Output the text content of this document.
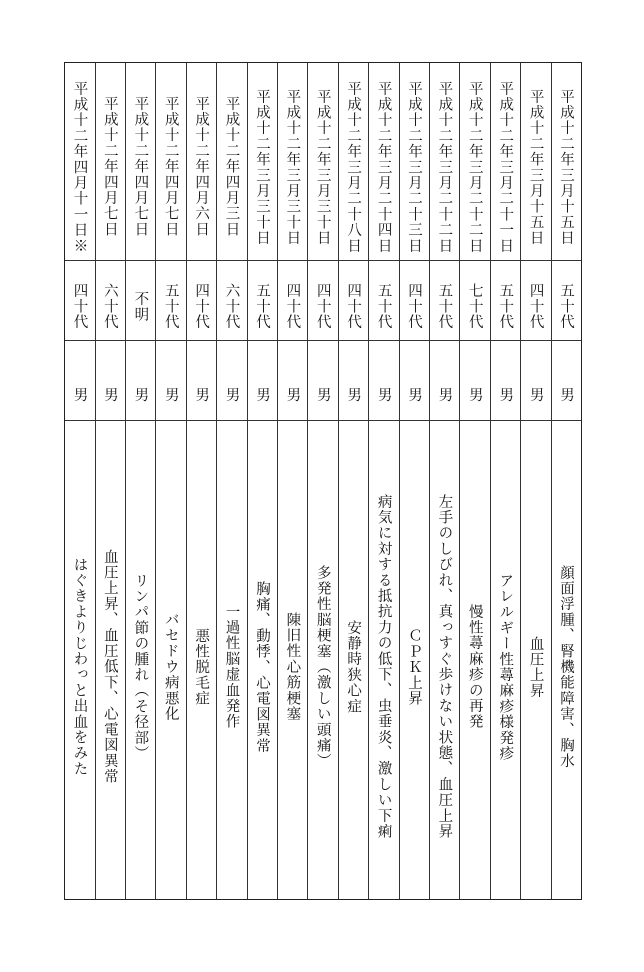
平成十二年三月十五日
五十代
男
顔面浮腫、腎機能障害、胸水
平成十二年三月十五日
四十代
男
血圧上昇
平成十二年三月二十一日
五十代
男
アレルギー性蕁麻疹様発疹
平成十二年三月二十二日
七十代
男
慢性蕁麻疹の再発
平成十二年三月二十二日
五十代
男
左手のしびれ、真っすぐ歩けない状態、血圧上昇
平成十二年三月二十三日
四十代
男
ＣＰＫ上昇
平成十二年三月二十四日
五十代
男
病気に対する抵抗力の低下、虫垂炎、激しい下痢
平成十二年三月二十八日
四十代
男
安静時狭心症
平成十二年三月三十日
四十代
男
多発性脳梗塞（激しい頭痛）
平成十二年三月三十日
四十代
男
陳旧性心筋梗塞
平成十二年三月三十日
五十代
男
胸痛、動悸、心電図異常
平成十二年四月三日
六十代
男
一過性脳虚血発作
平成十二年四月六日
四十代
男
悪性脱毛症
平成十二年四月七日
五十代
男
バセドウ病悪化
平成十二年四月七日
不明
男
リンパ節の腫れ（そ径部）
平成十二年四月七日
六十代
男
血圧上昇、血圧低下、心電図異常
平成十二年四月十一日※
四十代
男
はぐきよりじわっと出血をみた
